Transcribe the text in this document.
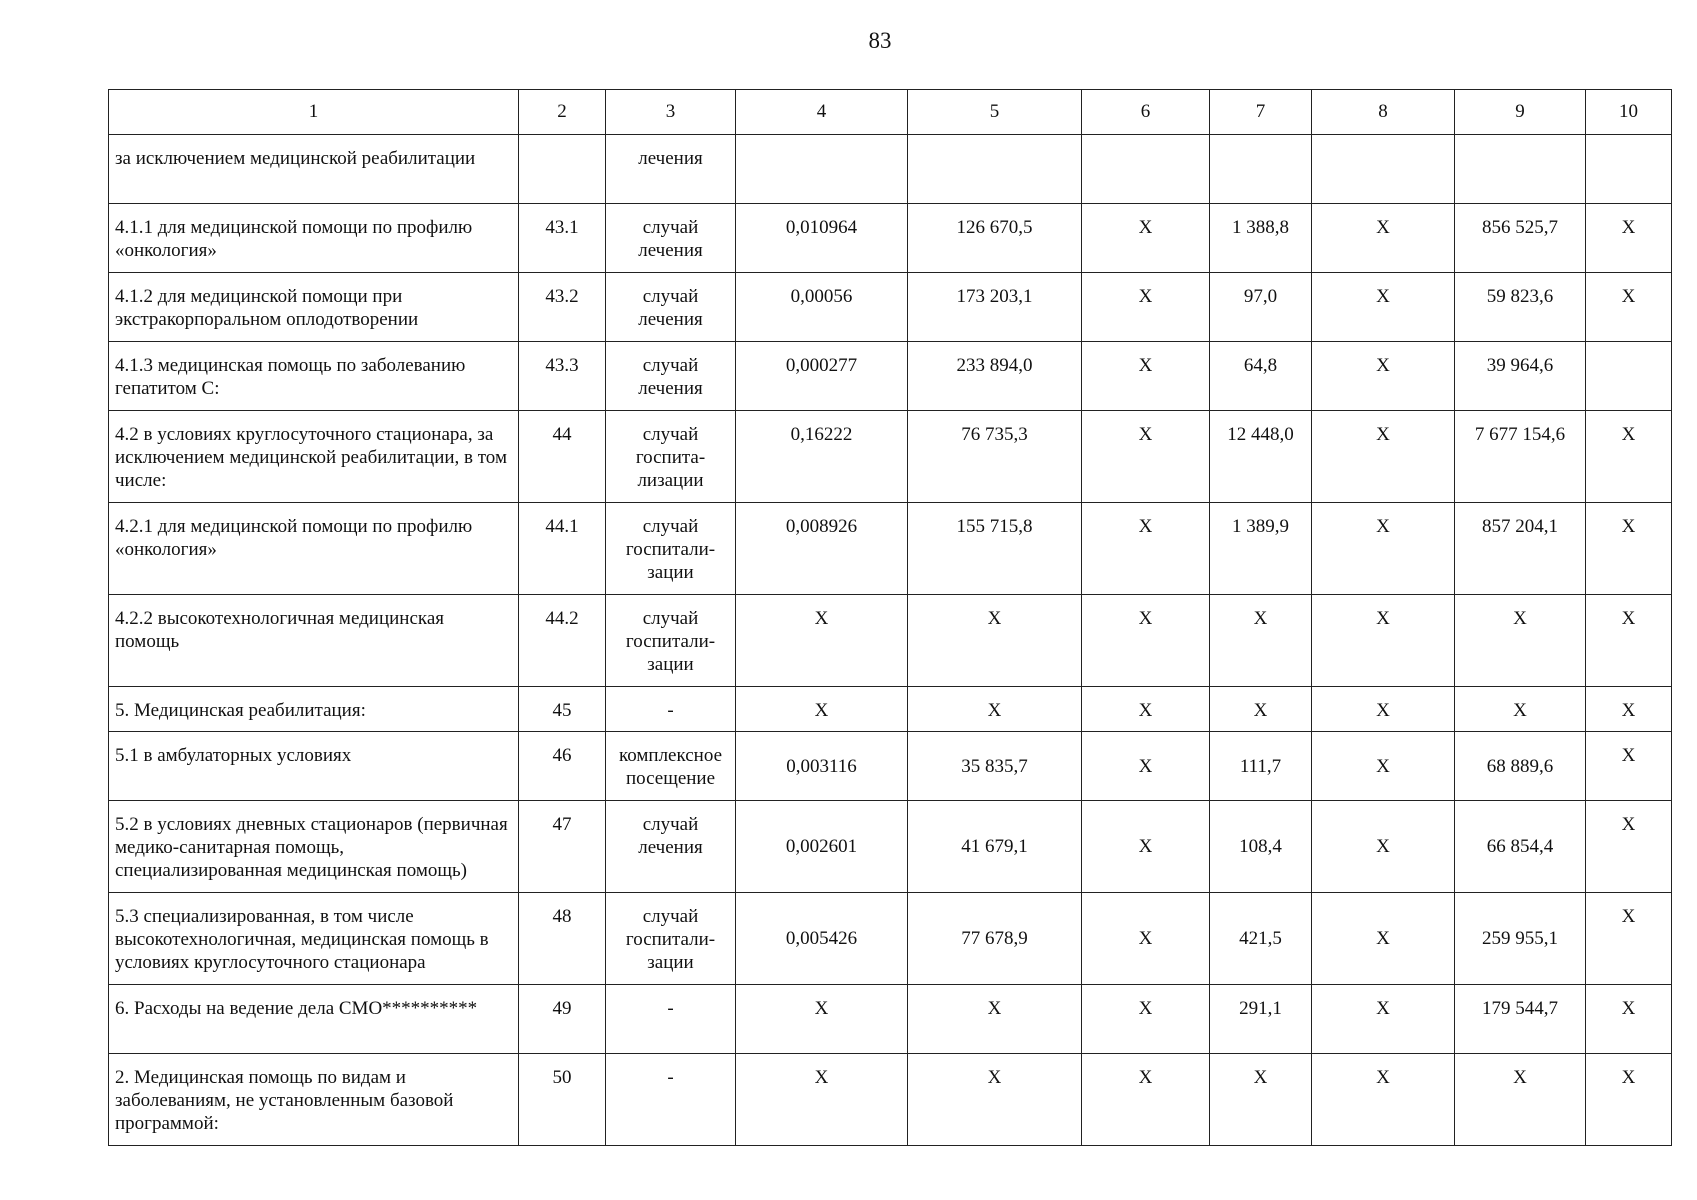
83
1	2	3	4	5	6	7	8	9	10
за исключением медицинской реабилитации		лечения							
4.1.1 для медицинской помощи по профилю «онкология»	43.1	случай лечения	0,010964	126 670,5	Х	1 388,8	Х	856 525,7	Х
4.1.2 для медицинской помощи при экстракорпоральном оплодотворении	43.2	случай лечения	0,00056	173 203,1	Х	97,0	Х	59 823,6	Х
4.1.3 медицинская помощь по заболеванию гепатитом С:	43.3	случай лечения	0,000277	233 894,0	Х	64,8	Х	39 964,6	
4.2 в условиях круглосуточного стационара, за исключением медицинской реабилитации, в том числе:	44	случай госпита-лизации	0,16222	76 735,3	Х	12 448,0	Х	7 677 154,6	Х
4.2.1 для медицинской помощи по профилю «онкология»	44.1	случай госпитали-зации	0,008926	155 715,8	Х	1 389,9	Х	857 204,1	Х
4.2.2 высокотехнологичная медицинская помощь	44.2	случай госпитали-зации	Х	Х	Х	Х	Х	Х	Х
5. Медицинская реабилитация:	45	-	Х	Х	Х	Х	Х	Х	Х
5.1 в амбулаторных условиях	46	комплексное посещение	0,003116	35 835,7	Х	111,7	Х	68 889,6	Х
5.2 в условиях дневных стационаров (первичная медико-санитарная помощь, специализированная медицинская помощь)	47	случай лечения	0,002601	41 679,1	Х	108,4	Х	66 854,4	Х
5.3 специализированная, в том числе высокотехнологичная, медицинская помощь в условиях круглосуточного стационара	48	случай госпитали-зации	0,005426	77 678,9	Х	421,5	Х	259 955,1	Х
6. Расходы на ведение дела СМО**********	49	-	Х	Х	Х	291,1	Х	179 544,7	Х
2. Медицинская помощь по видам и заболеваниям, не установленным базовой программой:	50	-	Х	Х	Х	Х	Х	Х	Х
